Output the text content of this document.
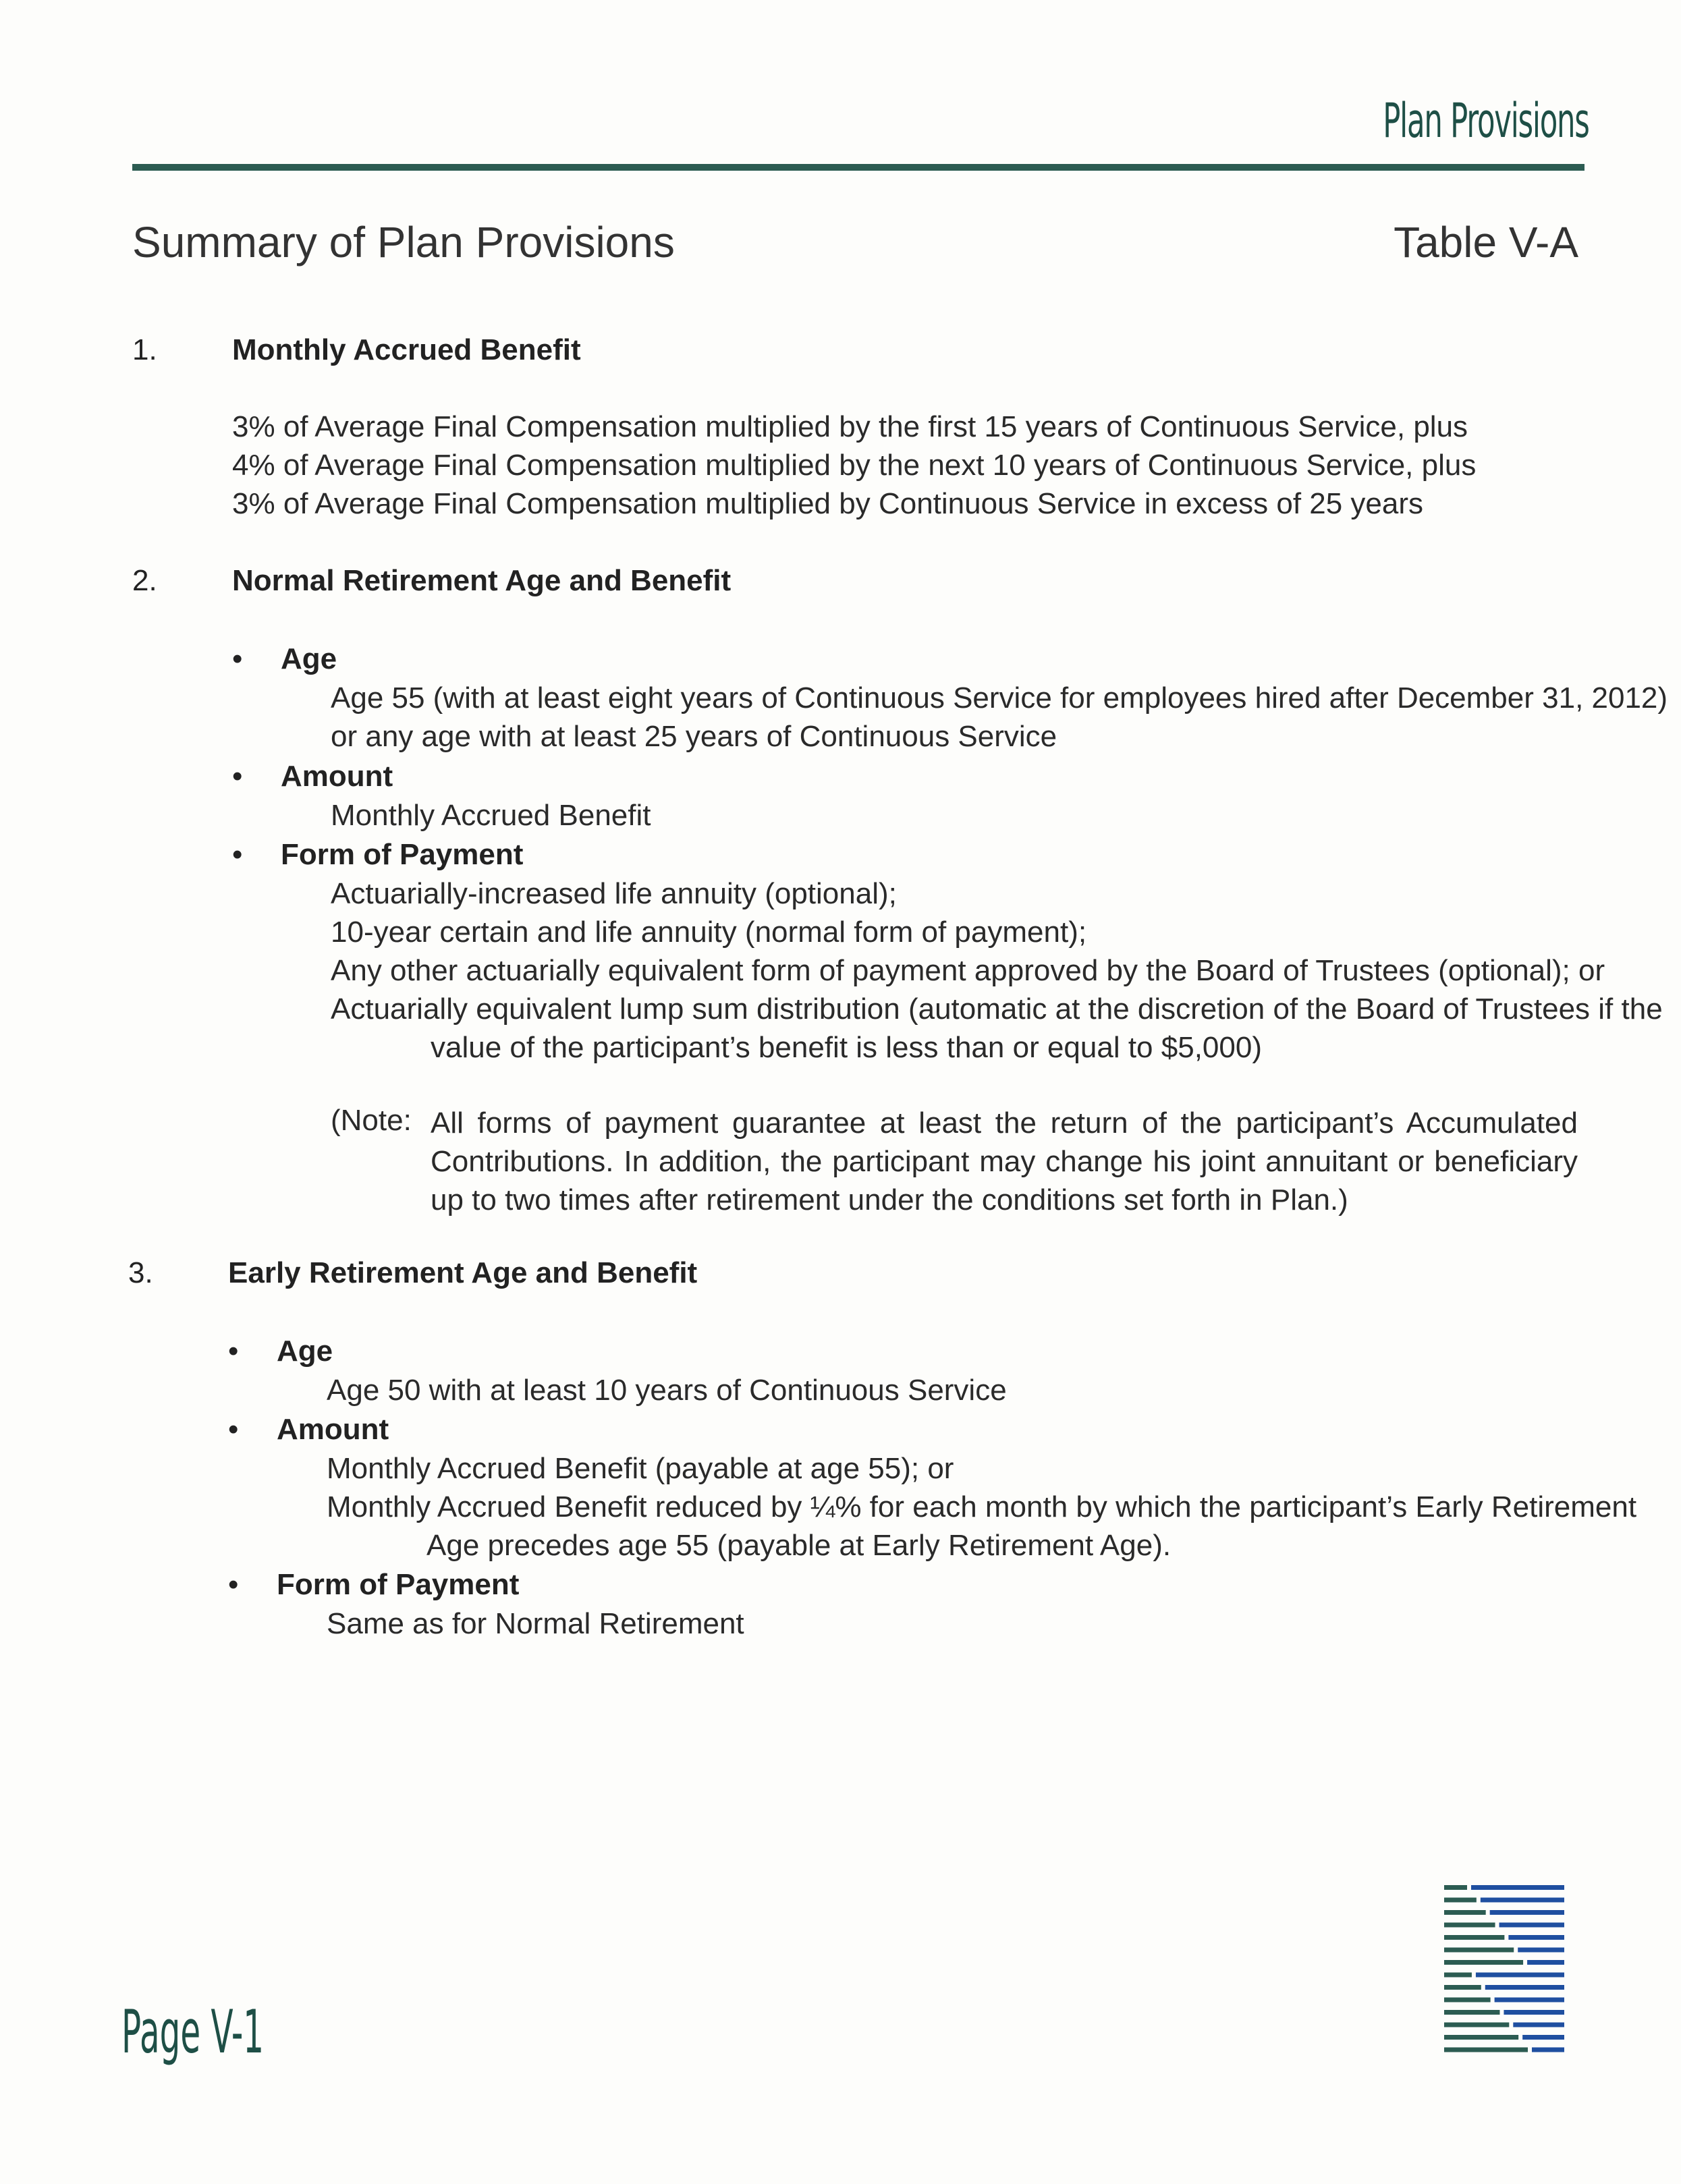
Plan Provisions
Summary of Plan Provisions	Table V-A
1.	Monthly Accrued Benefit
3% of Average Final Compensation multiplied by the first 15 years of Continuous Service, plus
4% of Average Final Compensation multiplied by the next 10 years of Continuous Service, plus
3% of Average Final Compensation multiplied by Continuous Service in excess of 25 years
2.	Normal Retirement Age and Benefit
• Age
Age 55 (with at least eight years of Continuous Service for employees hired after December 31, 2012)
or any age with at least 25 years of Continuous Service
• Amount
Monthly Accrued Benefit
• Form of Payment
Actuarially-increased life annuity (optional);
10-year certain and life annuity (normal form of payment);
Any other actuarially equivalent form of payment approved by the Board of Trustees (optional); or
Actuarially equivalent lump sum distribution (automatic at the discretion of the Board of Trustees if the
value of the participant’s benefit is less than or equal to $5,000)
(Note: All forms of payment guarantee at least the return of the participant’s Accumulated Contributions. In addition, the participant may change his joint annuitant or beneficiary up to two times after retirement under the conditions set forth in Plan.)
3.	Early Retirement Age and Benefit
• Age
Age 50 with at least 10 years of Continuous Service
• Amount
Monthly Accrued Benefit (payable at age 55); or
Monthly Accrued Benefit reduced by ¼% for each month by which the participant’s Early Retirement
Age precedes age 55 (payable at Early Retirement Age).
• Form of Payment
Same as for Normal Retirement
Page V-1
